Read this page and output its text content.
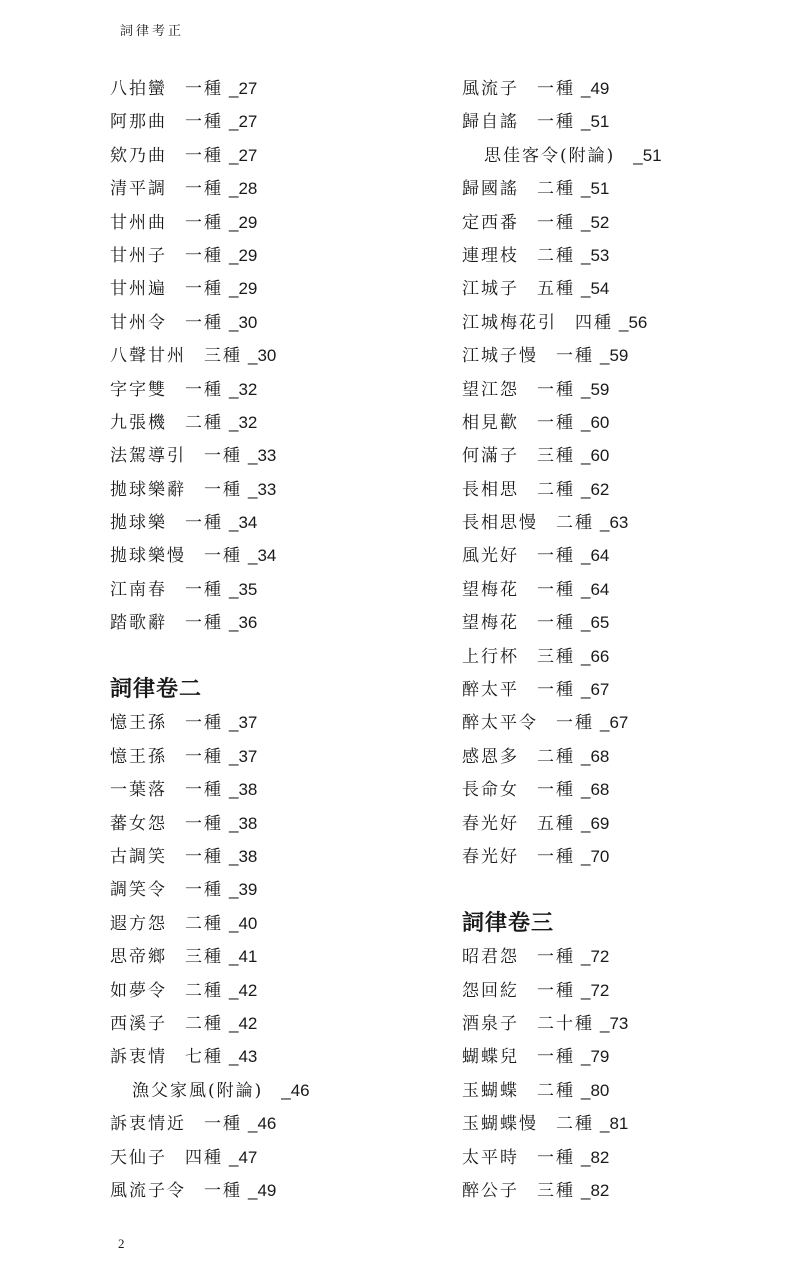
詞律考正
八拍蠻 一種 _27
阿那曲 一種 _27
欸乃曲 一種 _27
清平調 一種 _28
甘州曲 一種 _29
甘州子 一種 _29
甘州遍 一種 _29
甘州令 一種 _30
八聲甘州 三種 _30
字字雙 一種 _32
九張機 二種 _32
法駕導引 一種 _33
拋球樂辭 一種 _33
拋球樂 一種 _34
拋球樂慢 一種 _34
江南春 一種 _35
踏歌辭 一種 _36
詞律卷二
憶王孫 一種 _37
憶王孫 一種 _37
一葉落 一種 _38
蕃女怨 一種 _38
古調笑 一種 _38
調笑令 一種 _39
遐方怨 二種 _40
思帝鄉 三種 _41
如夢令 二種 _42
西溪子 二種 _42
訴衷情 七種 _43
漁父家風(附論) _46
訴衷情近 一種 _46
天仙子 四種 _47
風流子令 一種 _49
風流子 一種 _49
歸自謠 一種 _51
思佳客令(附論) _51
歸國謠 二種 _51
定西番 一種 _52
連理枝 二種 _53
江城子 五種 _54
江城梅花引 四種 _56
江城子慢 一種 _59
望江怨 一種 _59
相見歡 一種 _60
何滿子 三種 _60
長相思 二種 _62
長相思慢 二種 _63
風光好 一種 _64
望梅花 一種 _64
望梅花 一種 _65
上行杯 三種 _66
醉太平 一種 _67
醉太平令 一種 _67
感恩多 二種 _68
長命女 一種 _68
春光好 五種 _69
春光好 一種 _70
詞律卷三
昭君怨 一種 _72
怨回紇 一種 _72
酒泉子 二十種 _73
蝴蝶兒 一種 _79
玉蝴蝶 二種 _80
玉蝴蝶慢 二種 _81
太平時 一種 _82
醉公子 三種 _82
2
